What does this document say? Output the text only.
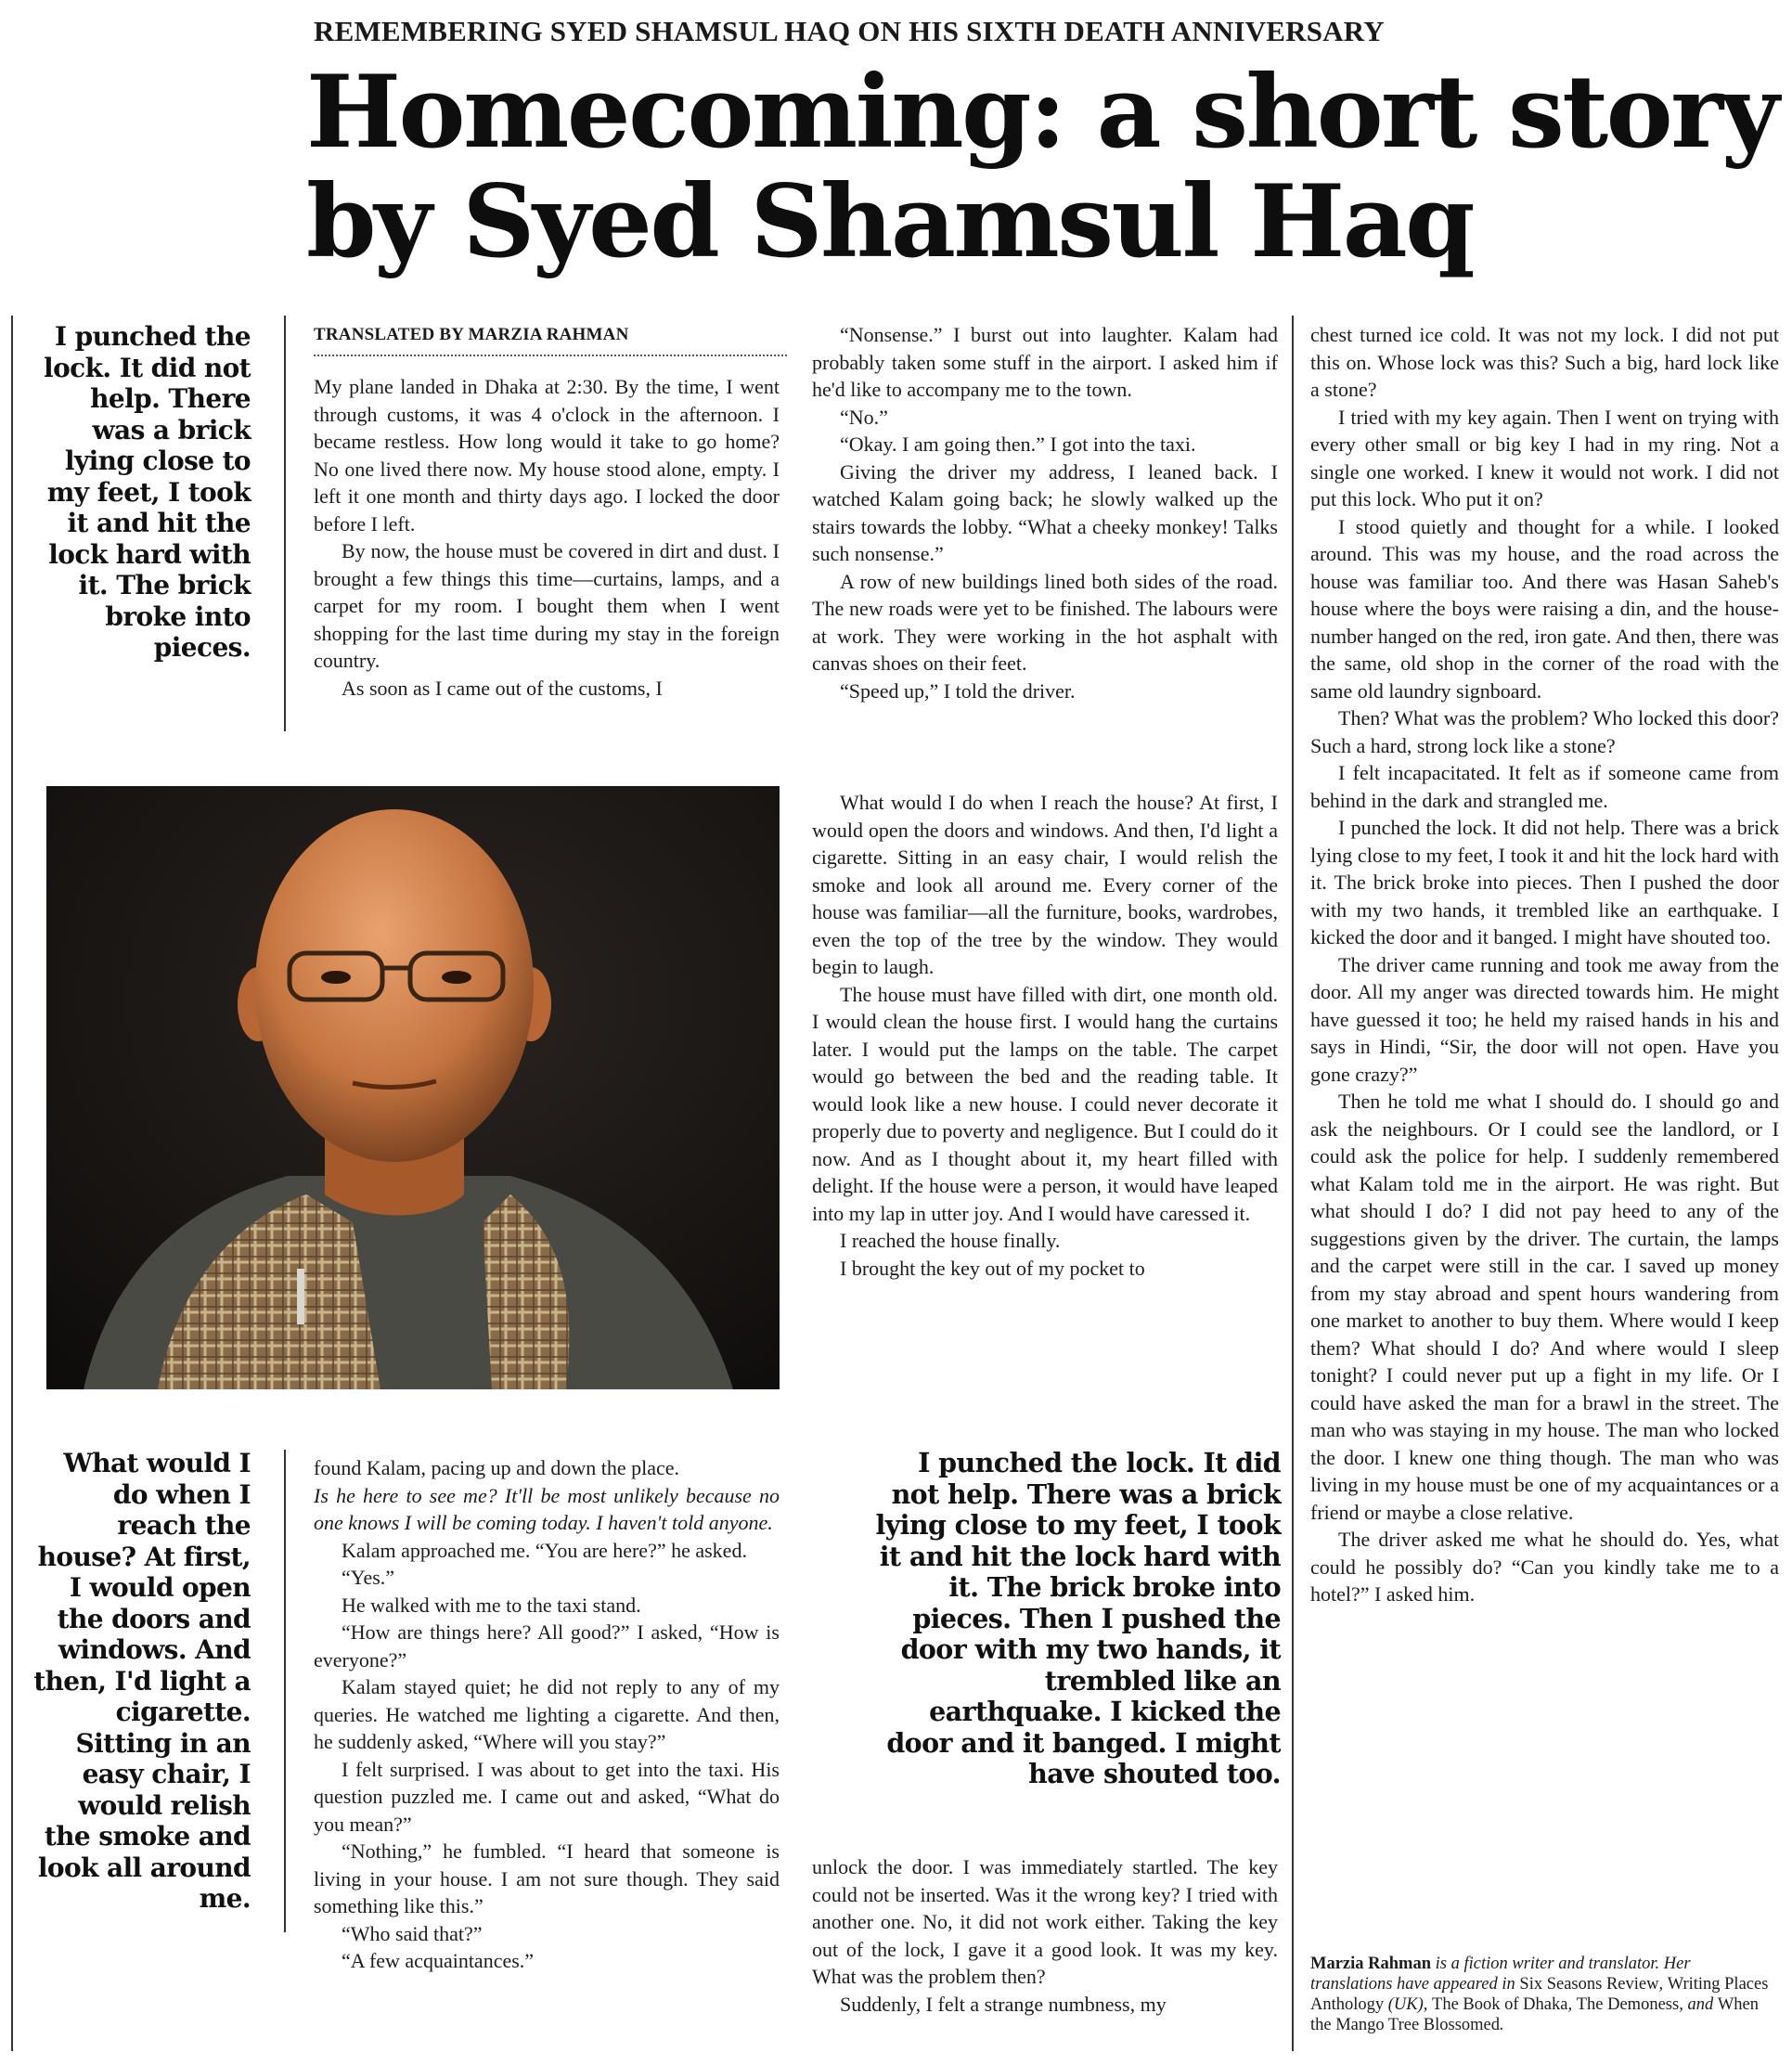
REMEMBERING SYED SHAMSUL HAQ ON HIS SIXTH DEATH ANNIVERSARY
Homecoming: a short story
by Syed Shamsul Haq
I punched the lock. It did not help. There was a brick lying close to my feet, I took it and hit the lock hard with it. The brick broke into pieces.
What would I do when I reach the house? At first, I would open the doors and windows. And then, I'd light a cigarette. Sitting in an easy chair, I would relish the smoke and look all around me.
I punched the lock. It did not help. There was a brick lying close to my feet, I took it and hit the lock hard with it. The brick broke into pieces. Then I pushed the door with my two hands, it trembled like an earthquake. I kicked the door and it banged. I might have shouted too.
TRANSLATED BY MARZIA RAHMAN

My plane landed in Dhaka at 2:30. By the time, I went through customs, it was 4 o'clock in the afternoon. I became restless. How long would it take to go home? No one lived there now. My house stood alone, empty. I left it one month and thirty days ago. I locked the door before I left.

By now, the house must be covered in dirt and dust. I brought a few things this time—curtains, lamps, and a carpet for my room. I bought them when I went shopping for the last time during my stay in the foreign country.

As soon as I came out of the customs, I

found Kalam, pacing up and down the place.

Is he here to see me? It'll be most unlikely because no one knows I will be coming today. I haven't told anyone.

Kalam approached me. “You are here?” he asked.

“Yes.”

He walked with me to the taxi stand.

“How are things here? All good?” I asked, “How is everyone?”

Kalam stayed quiet; he did not reply to any of my queries. He watched me lighting a cigarette. And then, he suddenly asked, “Where will you stay?”

I felt surprised. I was about to get into the taxi. His question puzzled me. I came out and asked, “What do you mean?”

“Nothing,” he fumbled. “I heard that someone is living in your house. I am not sure though. They said something like this.”

“Who said that?”

“A few acquaintances.”

“Nonsense.” I burst out into laughter. Kalam had probably taken some stuff in the airport. I asked him if he'd like to accompany me to the town.

“No.”

“Okay. I am going then.” I got into the taxi.

Giving the driver my address, I leaned back. I watched Kalam going back; he slowly walked up the stairs towards the lobby. “What a cheeky monkey! Talks such nonsense.”

A row of new buildings lined both sides of the road. The new roads were yet to be finished. The labours were at work. They were working in the hot asphalt with canvas shoes on their feet.

“Speed up,” I told the driver.

What would I do when I reach the house? At first, I would open the doors and windows. And then, I'd light a cigarette. Sitting in an easy chair, I would relish the smoke and look all around me. Every corner of the house was familiar—all the furniture, books, wardrobes, even the top of the tree by the window. They would begin to laugh.

The house must have filled with dirt, one month old. I would clean the house first. I would hang the curtains later. I would put the lamps on the table. The carpet would go between the bed and the reading table. It would look like a new house. I could never decorate it properly due to poverty and negligence. But I could do it now. And as I thought about it, my heart filled with delight. If the house were a person, it would have leaped into my lap in utter joy. And I would have caressed it.

I reached the house finally.

I brought the key out of my pocket to

unlock the door. I was immediately startled. The key could not be inserted. Was it the wrong key? I tried with another one. No, it did not work either. Taking the key out of the lock, I gave it a good look. It was my key. What was the problem then?

Suddenly, I felt a strange numbness, my

chest turned ice cold. It was not my lock. I did not put this on. Whose lock was this? Such a big, hard lock like a stone?

I tried with my key again. Then I went on trying with every other small or big key I had in my ring. Not a single one worked. I knew it would not work. I did not put this lock. Who put it on?

I stood quietly and thought for a while. I looked around. This was my house, and the road across the house was familiar too. And there was Hasan Saheb's house where the boys were raising a din, and the house-number hanged on the red, iron gate. And then, there was the same, old shop in the corner of the road with the same old laundry signboard.

Then? What was the problem? Who locked this door? Such a hard, strong lock like a stone?

I felt incapacitated. It felt as if someone came from behind in the dark and strangled me.

I punched the lock. It did not help. There was a brick lying close to my feet, I took it and hit the lock hard with it. The brick broke into pieces. Then I pushed the door with my two hands, it trembled like an earthquake. I kicked the door and it banged. I might have shouted too.

The driver came running and took me away from the door. All my anger was directed towards him. He might have guessed it too; he held my raised hands in his and says in Hindi, “Sir, the door will not open. Have you gone crazy?”

Then he told me what I should do. I should go and ask the neighbours. Or I could see the landlord, or I could ask the police for help. I suddenly remembered what Kalam told me in the airport. He was right. But what should I do? I did not pay heed to any of the suggestions given by the driver. The curtain, the lamps and the carpet were still in the car. I saved up money from my stay abroad and spent hours wandering from one market to another to buy them. Where would I keep them? What should I do? And where would I sleep tonight? I could never put up a fight in my life. Or I could have asked the man for a brawl in the street. The man who was staying in my house. The man who locked the door. I knew one thing though. The man who was living in my house must be one of my acquaintances or a friend or maybe a close relative.

The driver asked me what he should do. Yes, what could he possibly do? “Can you kindly take me to a hotel?” I asked him.

Marzia Rahman is a fiction writer and translator. Her translations have appeared in Six Seasons Review, Writing Places Anthology (UK), The Book of Dhaka, The Demoness, and When the Mango Tree Blossomed.
